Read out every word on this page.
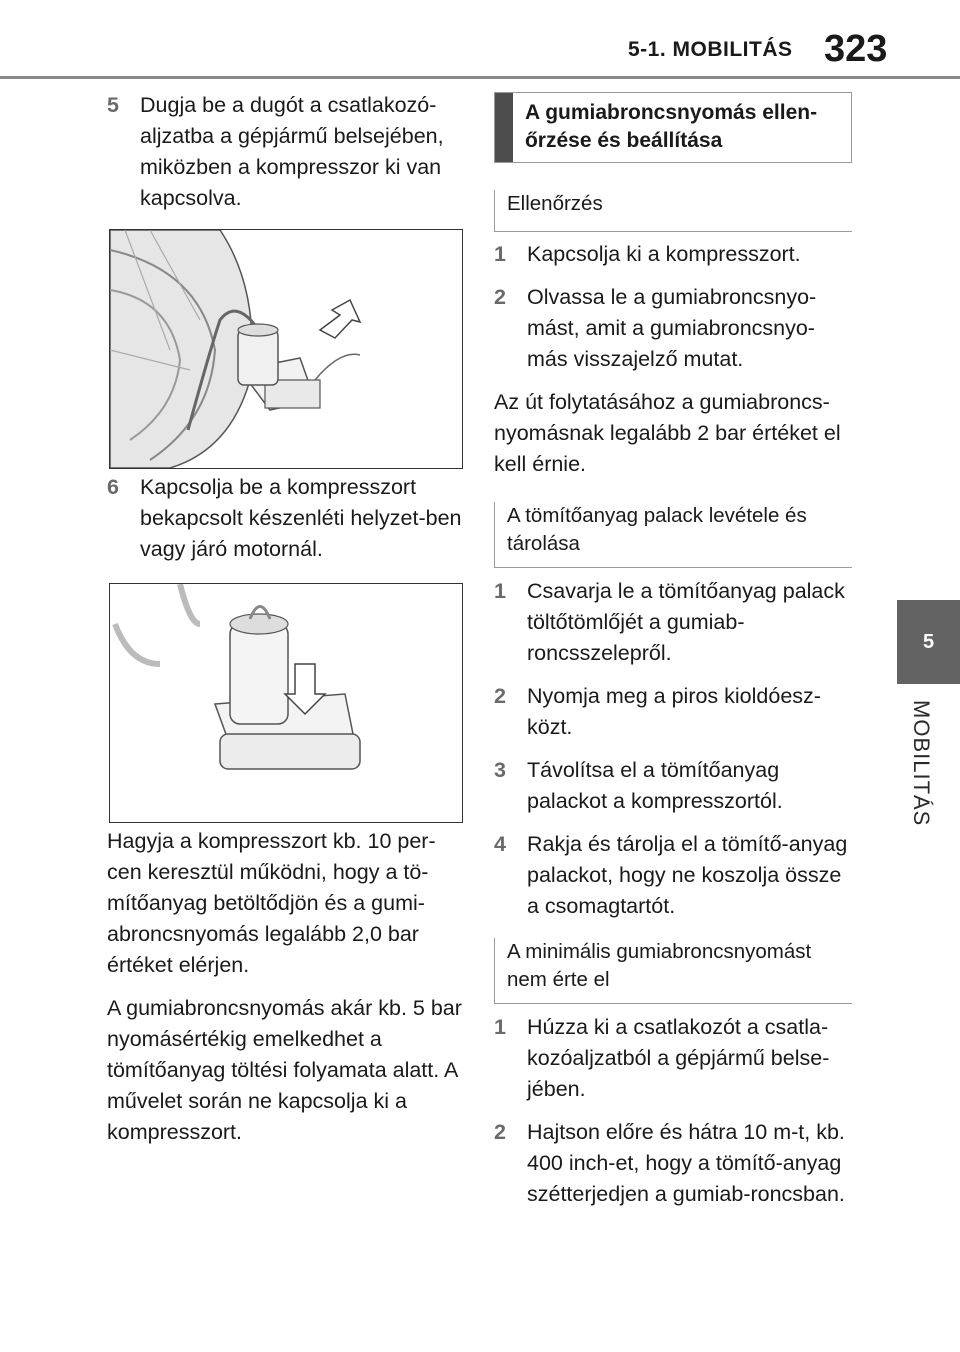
5-1. MOBILITÁS 323
5
MOBILITÁS
5 Dugja be a dugót a csatlakozó-aljzatba a gépjármű belsejében, miközben a kompresszor ki van kapcsolva.
6 Kapcsolja be a kompresszort bekapcsolt készenléti helyzet-ben vagy járó motornál.

Hagyja a kompresszort kb. 10 per-cen keresztül működni, hogy a tö-mítőanyag betöltődjön és a gumi-abroncsnyomás legalább 2,0 bar értéket elérjen.

A gumiabroncsnyomás akár kb. 5 bar nyomásértékig emelkedhet a tömítőanyag töltési folyamata alatt. A művelet során ne kapcsolja ki a kompresszort.

A gumiabroncsnyomás ellen-őrzése és beállítása
Ellenőrzés
1 Kapcsolja ki a kompresszort.
2 Olvassa le a gumiabroncsnyo-mást, amit a gumiabroncsnyo-más visszajelző mutat.

Az út folytatásához a gumiabroncs-nyomásnak legalább 2 bar értéket el kell érnie.

A tömítőanyag palack levétele és tárolása
1 Csavarja le a tömítőanyag palack töltőtömlőjét a gumiab-roncsszelepről.
2 Nyomja meg a piros kioldóesz-közt.
3 Távolítsa el a tömítőanyag palackot a kompresszortól.
4 Rakja és tárolja el a tömítő-anyag palackot, hogy ne koszolja össze a csomagtartót.
A minimális gumiabroncsnyomást nem érte el
1 Húzza ki a csatlakozót a csatla-kozóaljzatból a gépjármű belse-jében.
2 Hajtson előre és hátra 10 m-t, kb. 400 inch-et, hogy a tömítő-anyag szétterjedjen a gumiab-roncsban.
